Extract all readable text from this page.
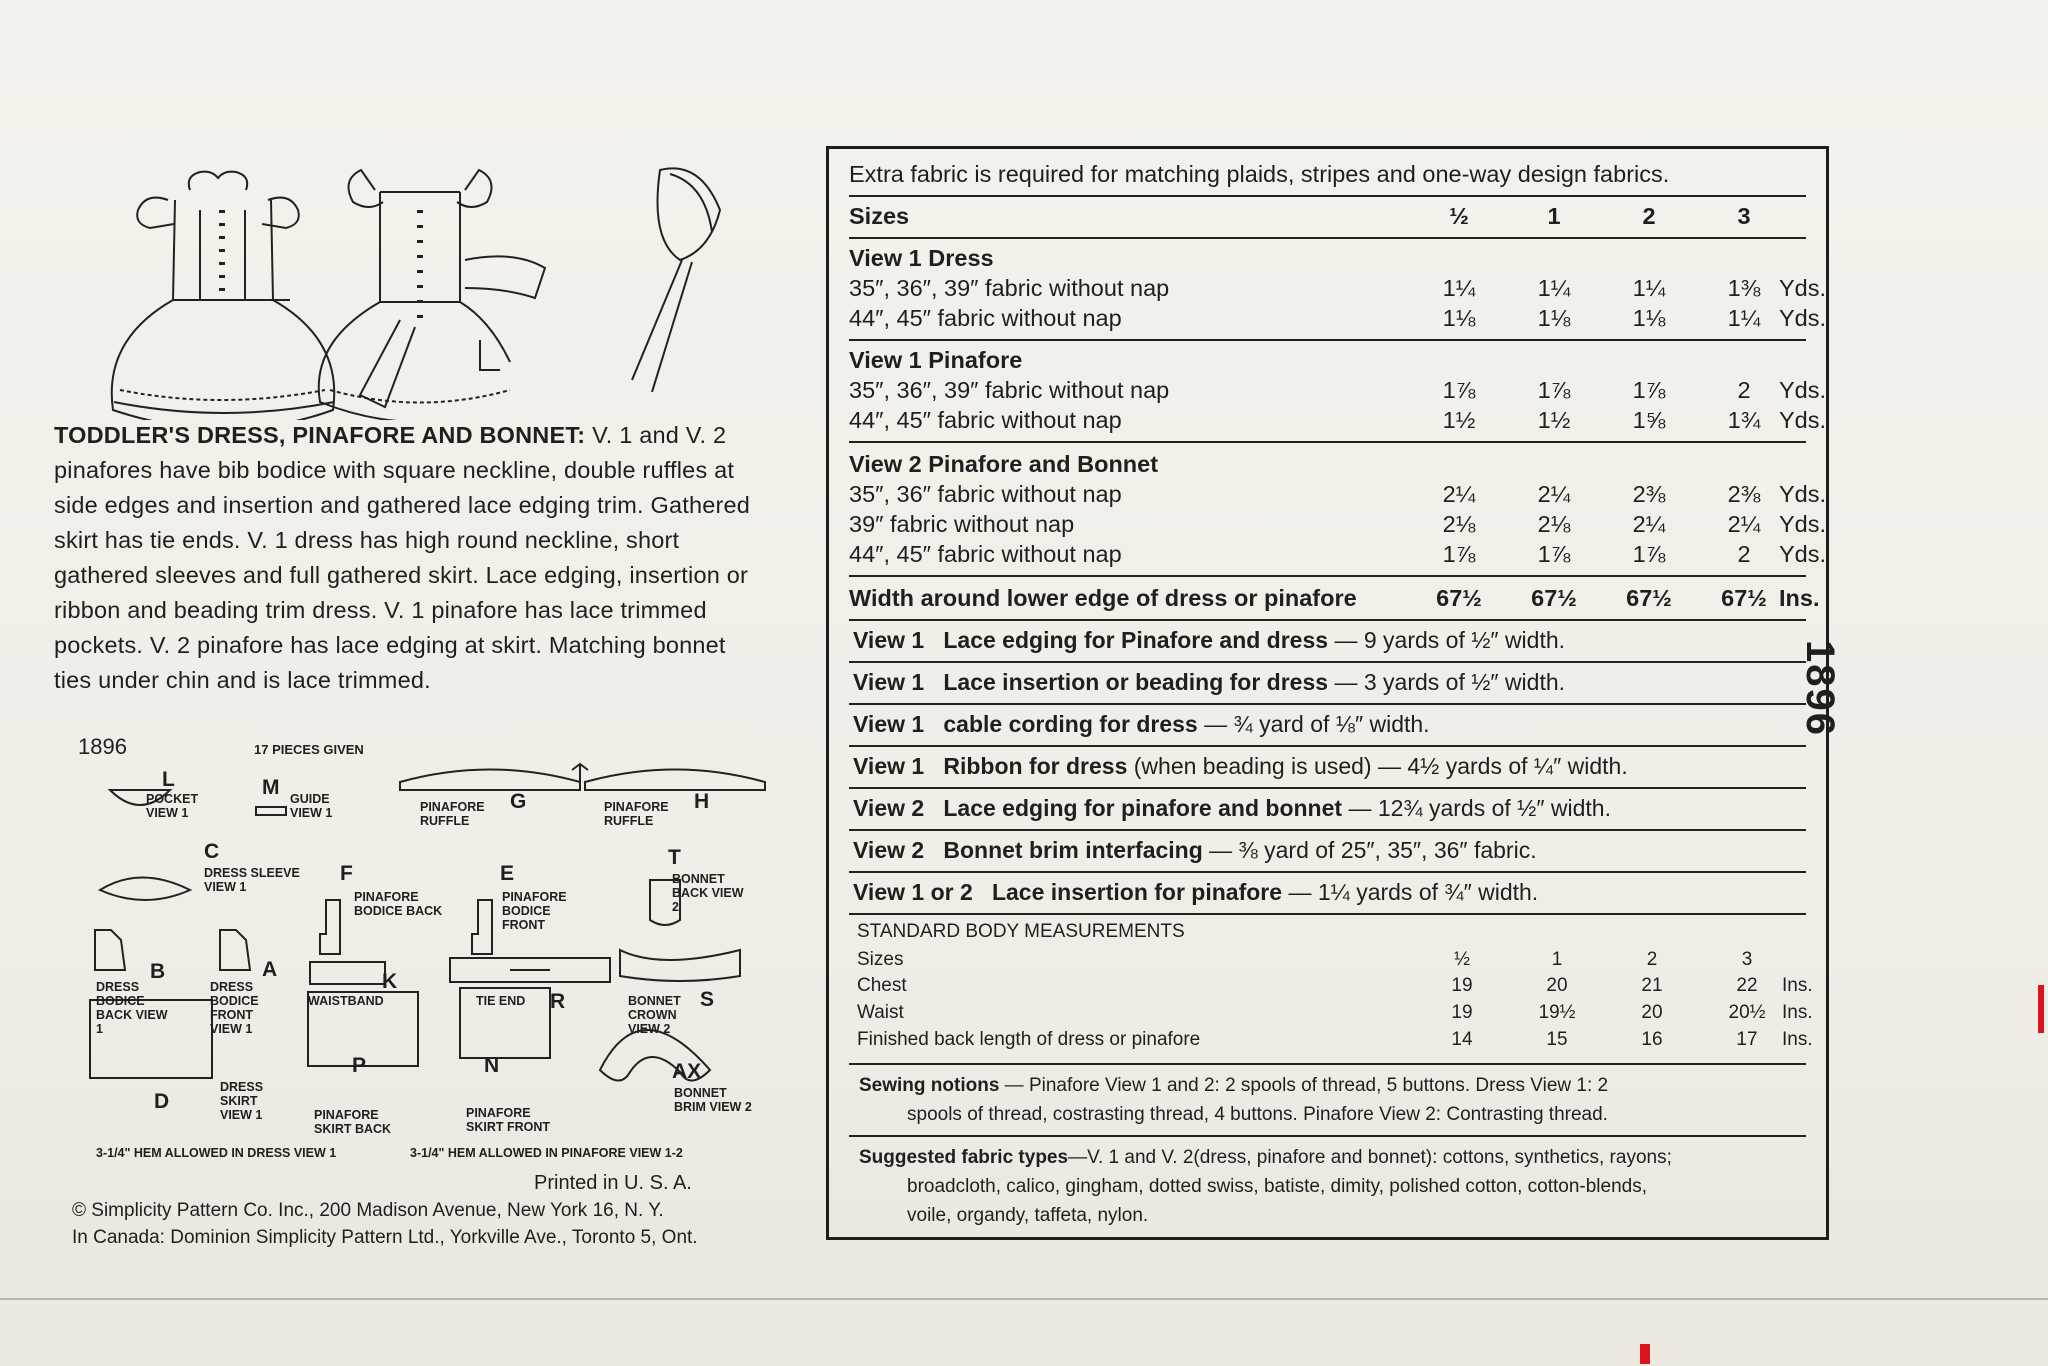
TODDLER'S DRESS, PINAFORE AND BONNET: V. 1 and V. 2 pinafores have bib bodice with square neckline, double ruffles at side edges and insertion and gathered lace edging trim. Gathered skirt has tie ends. V. 1 dress has high round neckline, short gathered sleeves and full gathered skirt. Lace edging, insertion or ribbon and beading trim dress. V. 1 pinafore has lace trimmed pockets. V. 2 pinafore has lace edging at skirt. Matching bonnet ties under chin and is lace trimmed.
1896	17 PIECES GIVEN
L
POCKET VIEW 1
M GUIDE VIEW 1	PINAFORE RUFFLE
G	PINAFORE RUFFLE
H
C
DRESS SLEEVE VIEW 1
F
PINAFORE BODICE BACK
E
PINAFORE BODICE FRONT
T
BONNET BACK VIEW 2
B
DRESS BODICE BACK VIEW 1
A
DRESS BODICE FRONT VIEW 1
K
WAISTBAND	TIE END	R	BONNET CROWN VIEW 2
S
D
DRESS SKIRT VIEW 1
P
PINAFORE SKIRT BACK
N
PINAFORE SKIRT FRONT
AX
BONNET BRIM VIEW 2
3-1/4" HEM ALLOWED IN DRESS VIEW 1	3-1/4" HEM ALLOWED IN PINAFORE VIEW 1-2
Printed in U. S. A.
© Simplicity Pattern Co. Inc., 200 Madison Avenue, New York 16, N. Y.
In Canada: Dominion Simplicity Pattern Ltd., Yorkville Ave., Toronto 5, Ont.
Extra fabric is required for matching plaids, stripes and one-way design fabrics.
Sizes	½	1	2	3
View 1 Dress
35″, 36″, 39″ fabric without nap	1¼	1¼	1¼	1⅜ Yds.
44″, 45″ fabric without nap	1⅛	1⅛	1⅛	1¼ Yds.
View 1 Pinafore
35″, 36″, 39″ fabric without nap	1⅞	1⅞	1⅞	2	Yds.
44″, 45″ fabric without nap	1½	1½	1⅝	1¾ Yds.
View 2 Pinafore and Bonnet
35″, 36″ fabric without nap	2¼	2¼	2⅜	2⅜ Yds.
39″ fabric without nap	2⅛	2⅛	2¼	2¼ Yds.
44″, 45″ fabric without nap	1⅞	1⅞	1⅞	2	Yds.
Width around lower edge of dress or pinafore	67½	67½	67½	67½ Ins.
View 1 Lace edging for Pinafore and dress — 9 yards of ½″ width.
View 1 Lace insertion or beading for dress — 3 yards of ½″ width.
View 1 cable cording for dress — ¾ yard of ⅛″ width.
View 1 Ribbon for dress (when beading is used) — 4½ yards of ¼″ width.
View 2 Lace edging for pinafore and bonnet — 12¾ yards of ½″ width.
View 2 Bonnet brim interfacing — ⅜ yard of 25″, 35″, 36″ fabric.
View 1 or 2 Lace insertion for pinafore — 1¼ yards of ¾″ width.
STANDARD BODY MEASUREMENTS
Sizes	½	1	2	3
Chest	19	20	21	22	Ins.
Waist	19	19½	20	20½ Ins.
Finished back length of dress or pinafore	14	15	16	17	Ins.
Sewing notions — Pinafore View 1 and 2: 2 spools of thread, 5 buttons. Dress View 1: 2
spools of thread, costrasting thread, 4 buttons. Pinafore View 2: Contrasting thread.
Suggested fabric types—V. 1 and V. 2(dress, pinafore and bonnet): cottons, synthetics, rayons;
broadcloth, calico, gingham, dotted swiss, batiste, dimity, polished cotton, cotton-blends,
voile, organdy, taffeta, nylon.
1896
